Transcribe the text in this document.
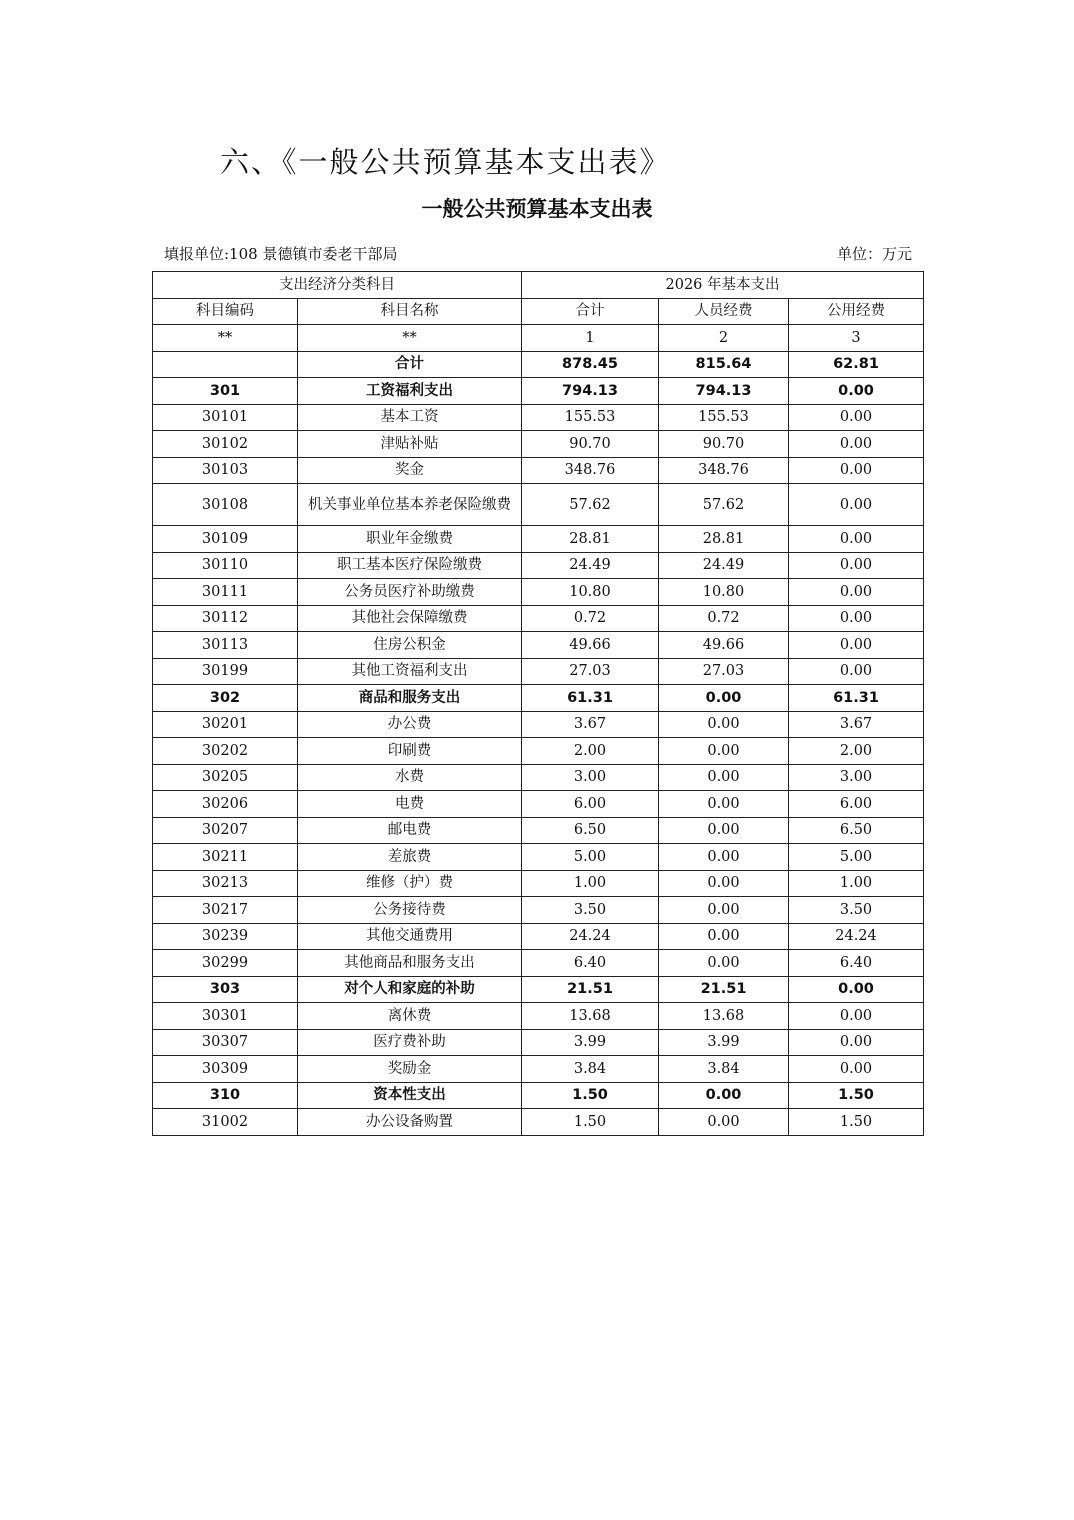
六、《一般公共预算基本支出表》
一般公共预算基本支出表
填报单位:108 景德镇市委老干部局	单位：万元
支出经济分类科目		2026 年基本支出		
科目编码	科目名称	合计	人员经费	公用经费
**	**	1	2	3
	合计	878.45	815.64	62.81
301	工资福利支出	794.13	794.13	0.00
30101	基本工资	155.53	155.53	0.00
30102	津贴补贴	90.70	90.70	0.00
30103	奖金	348.76	348.76	0.00
30108	机关事业单位基本养老保险缴费	57.62	57.62	0.00
30109	职业年金缴费	28.81	28.81	0.00
30110	职工基本医疗保险缴费	24.49	24.49	0.00
30111	公务员医疗补助缴费	10.80	10.80	0.00
30112	其他社会保障缴费	0.72	0.72	0.00
30113	住房公积金	49.66	49.66	0.00
30199	其他工资福利支出	27.03	27.03	0.00
302	商品和服务支出	61.31	0.00	61.31
30201	办公费	3.67	0.00	3.67
30202	印刷费	2.00	0.00	2.00
30205	水费	3.00	0.00	3.00
30206	电费	6.00	0.00	6.00
30207	邮电费	6.50	0.00	6.50
30211	差旅费	5.00	0.00	5.00
30213	维修（护）费	1.00	0.00	1.00
30217	公务接待费	3.50	0.00	3.50
30239	其他交通费用	24.24	0.00	24.24
30299	其他商品和服务支出	6.40	0.00	6.40
303	对个人和家庭的补助	21.51	21.51	0.00
30301	离休费	13.68	13.68	0.00
30307	医疗费补助	3.99	3.99	0.00
30309	奖励金	3.84	3.84	0.00
310	资本性支出	1.50	0.00	1.50
31002	办公设备购置	1.50	0.00	1.50
